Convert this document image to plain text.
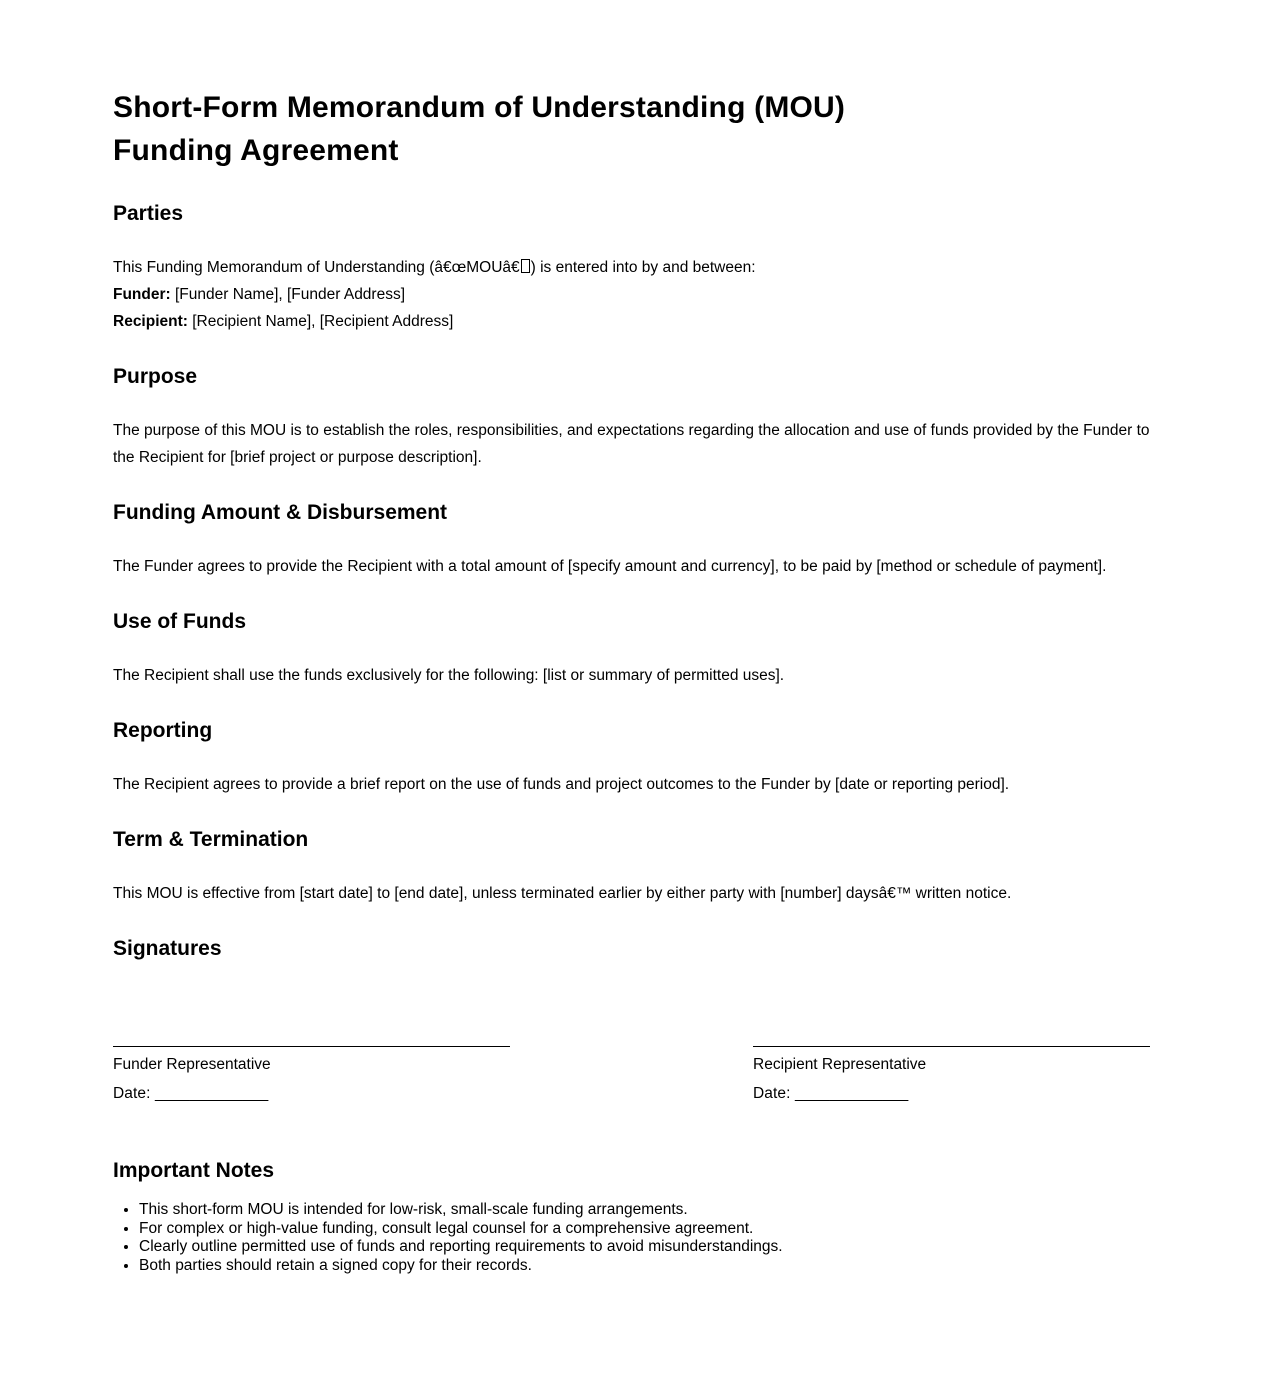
Short-Form Memorandum of Understanding (MOU)
Funding Agreement
Parties
This Funding Memorandum of Understanding (â€œMOUâ€ ) is entered into by and between:
Funder: [Funder Name], [Funder Address]
Recipient: [Recipient Name], [Recipient Address]
Purpose

The purpose of this MOU is to establish the roles, responsibilities, and expectations regarding the allocation and use of funds provided by the Funder to the Recipient for [brief project or purpose description].

Funding Amount & Disbursement

The Funder agrees to provide the Recipient with a total amount of [specify amount and currency], to be paid by [method or schedule of payment].

Use of Funds

The Recipient shall use the funds exclusively for the following: [list or summary of permitted uses].

Reporting

The Recipient agrees to provide a brief report on the use of funds and project outcomes to the Funder by [date or reporting period].

Term & Termination

This MOU is effective from [start date] to [end date], unless terminated earlier by either party with [number] daysâ€™ written notice.

Signatures
Funder Representative
Date: _____________
Recipient Representative
Date: _____________
Important Notes
• This short-form MOU is intended for low-risk, small-scale funding arrangements.
• For complex or high-value funding, consult legal counsel for a comprehensive agreement.
• Clearly outline permitted use of funds and reporting requirements to avoid misunderstandings.
• Both parties should retain a signed copy for their records.
